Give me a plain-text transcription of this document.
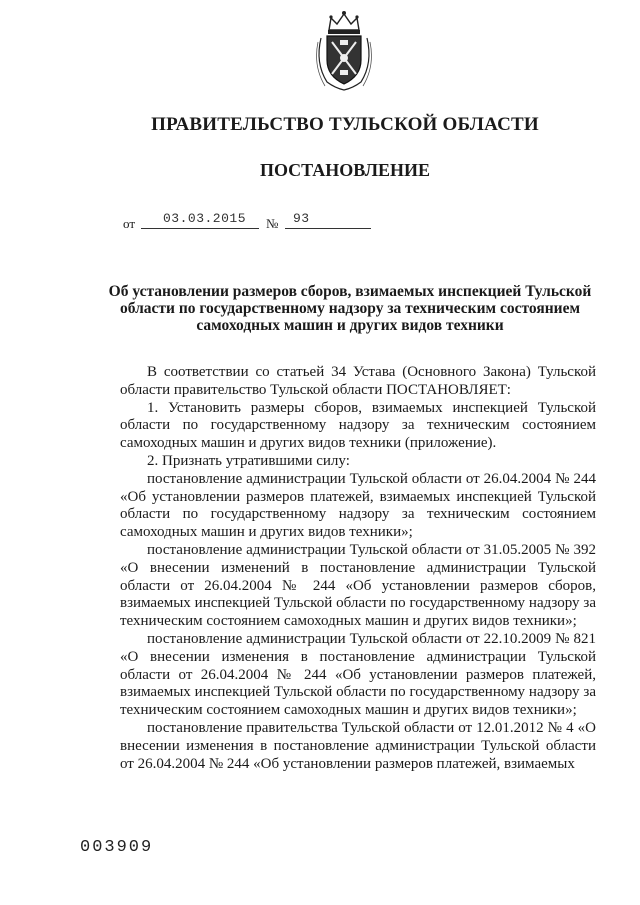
ПРАВИТЕЛЬСТВО ТУЛЬСКОЙ ОБЛАСТИ
ПОСТАНОВЛЕНИЕ
от	03.03.2015	№	93
Об установлении размеров сборов, взимаемых инспекцией Тульской области по государственному надзору за техническим состоянием самоходных машин и других видов техники

В соответствии со статьей 34 Устава (Основного Закона) Тульской области правительство Тульской области ПОСТАНОВЛЯЕТ:

1. Установить размеры сборов, взимаемых инспекцией Тульской области по государственному надзору за техническим состоянием самоходных машин и других видов техники (приложение).

2. Признать утратившими силу:

постановление администрации Тульской области от 26.04.2004 № 244 «Об установлении размеров платежей, взимаемых инспекцией Тульской области по государственному надзору за техническим состоянием самоходных машин и других видов техники»;

постановление администрации Тульской области от 31.05.2005 № 392 «О внесении изменений в постановление администрации Тульской области от 26.04.2004 № 244 «Об установлении размеров сборов, взимаемых инспекцией Тульской области по государственному надзору за техническим состоянием самоходных машин и других видов техники»;

постановление администрации Тульской области от 22.10.2009 № 821 «О внесении изменения в постановление администрации Тульской области от 26.04.2004 № 244 «Об установлении размеров платежей, взимаемых инспекцией Тульской области по государственному надзору за техническим состоянием самоходных машин и других видов техники»;

постановление правительства Тульской области от 12.01.2012 № 4 «О внесении изменения в постановление администрации Тульской области от 26.04.2004 № 244 «Об установлении размеров платежей, взимаемых

003909
